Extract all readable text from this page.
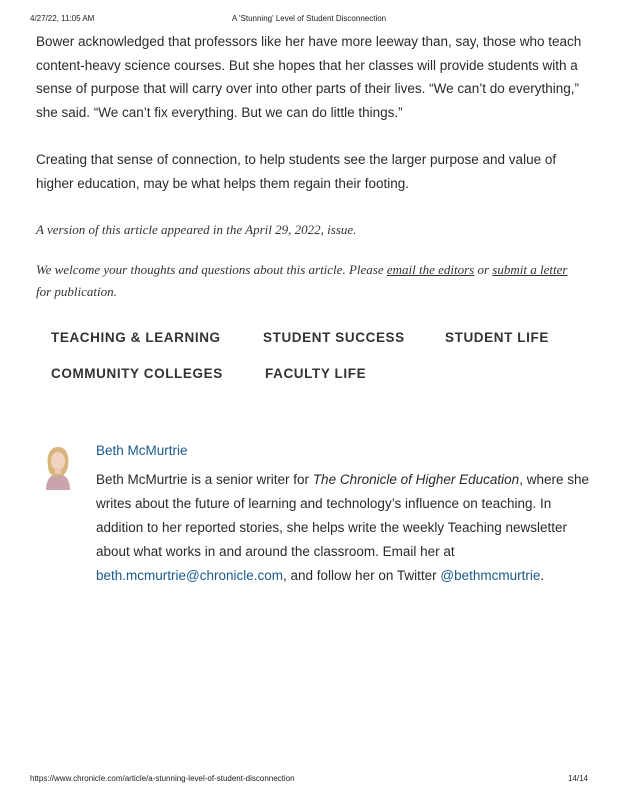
4/27/22, 11:05 AM	A 'Stunning' Level of Student Disconnection
Bower acknowledged that professors like her have more leeway than, say, those who teach content-heavy science courses. But she hopes that her classes will provide students with a sense of purpose that will carry over into other parts of their lives. “We can’t do everything,” she said. “We can’t fix everything. But we can do little things.”
Creating that sense of connection, to help students see the larger purpose and value of higher education, may be what helps them regain their footing.
A version of this article appeared in the April 29, 2022, issue.
We welcome your thoughts and questions about this article. Please email the editors or submit a letter for publication.
TEACHING & LEARNING	STUDENT SUCCESS	STUDENT LIFE
COMMUNITY COLLEGES	FACULTY LIFE
Beth McMurtrie
Beth McMurtrie is a senior writer for The Chronicle of Higher Education, where she writes about the future of learning and technology’s influence on teaching. In addition to her reported stories, she helps write the weekly Teaching newsletter about what works in and around the classroom. Email her at beth.mcmurtrie@chronicle.com, and follow her on Twitter @bethmcmurtrie.
https://www.chronicle.com/article/a-stunning-level-of-student-disconnection	14/14
